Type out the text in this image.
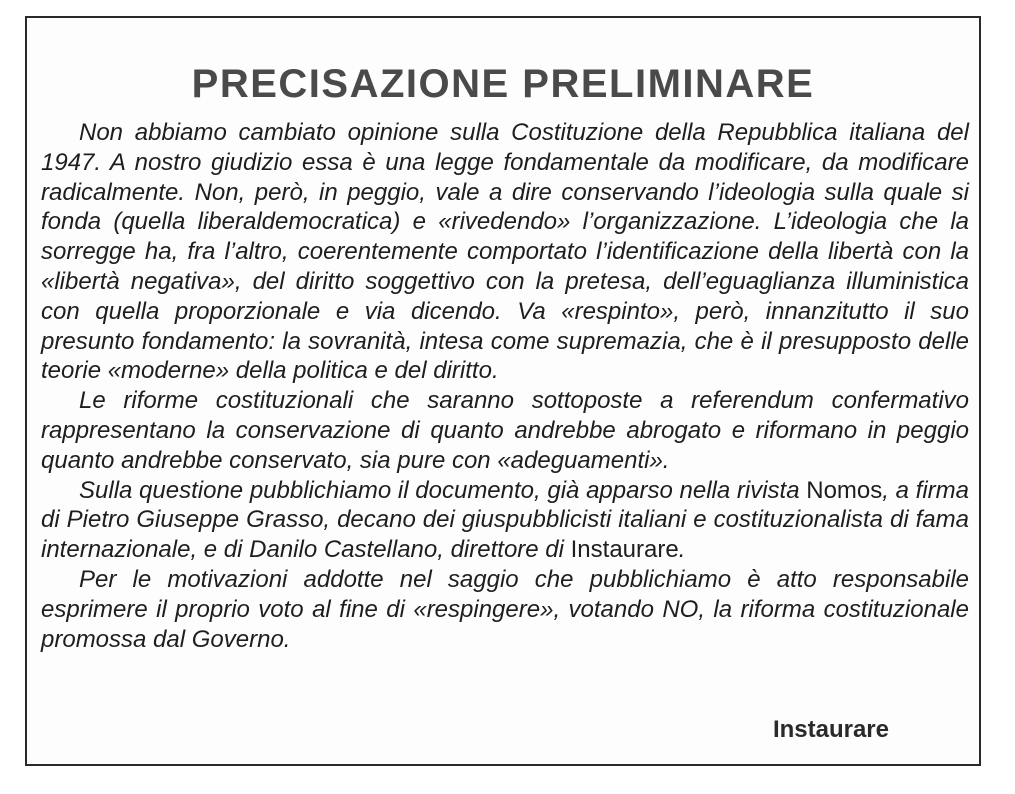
PRECISAZIONE PRELIMINARE

Non abbiamo cambiato opinione sulla Costituzione della Repubblica italiana del 1947. A nostro giudizio essa è una legge fondamentale da modificare, da modificare radicalmente. Non, però, in peggio, vale a dire conservando l’ideologia sulla quale si fonda (quella liberaldemocratica) e «rivedendo» l’organizzazione. L’ideologia che la sorregge ha, fra l’altro, coerentemente comportato l’identificazione della libertà con la «libertà negativa», del diritto soggettivo con la pretesa, dell’eguaglianza illuministica con quella proporzionale e via dicendo. Va «respinto», però, innanzitutto il suo presunto fondamento: la sovranità, intesa come supremazia, che è il presupposto delle teorie «moderne» della politica e del diritto.

Le riforme costituzionali che saranno sottoposte a referendum confermativo rappresentano la conservazione di quanto andrebbe abrogato e riformano in peggio quanto andrebbe conservato, sia pure con «adeguamenti».

Sulla questione pubblichiamo il documento, già apparso nella rivista Nomos, a firma di Pietro Giuseppe Grasso, decano dei giuspubblicisti italiani e costituzionalista di fama internazionale, e di Danilo Castellano, direttore di Instaurare.

Per le motivazioni addotte nel saggio che pubblichiamo è atto responsabile esprimere il proprio voto al fine di «respingere», votando NO, la riforma costituzionale promossa dal Governo.

Instaurare
